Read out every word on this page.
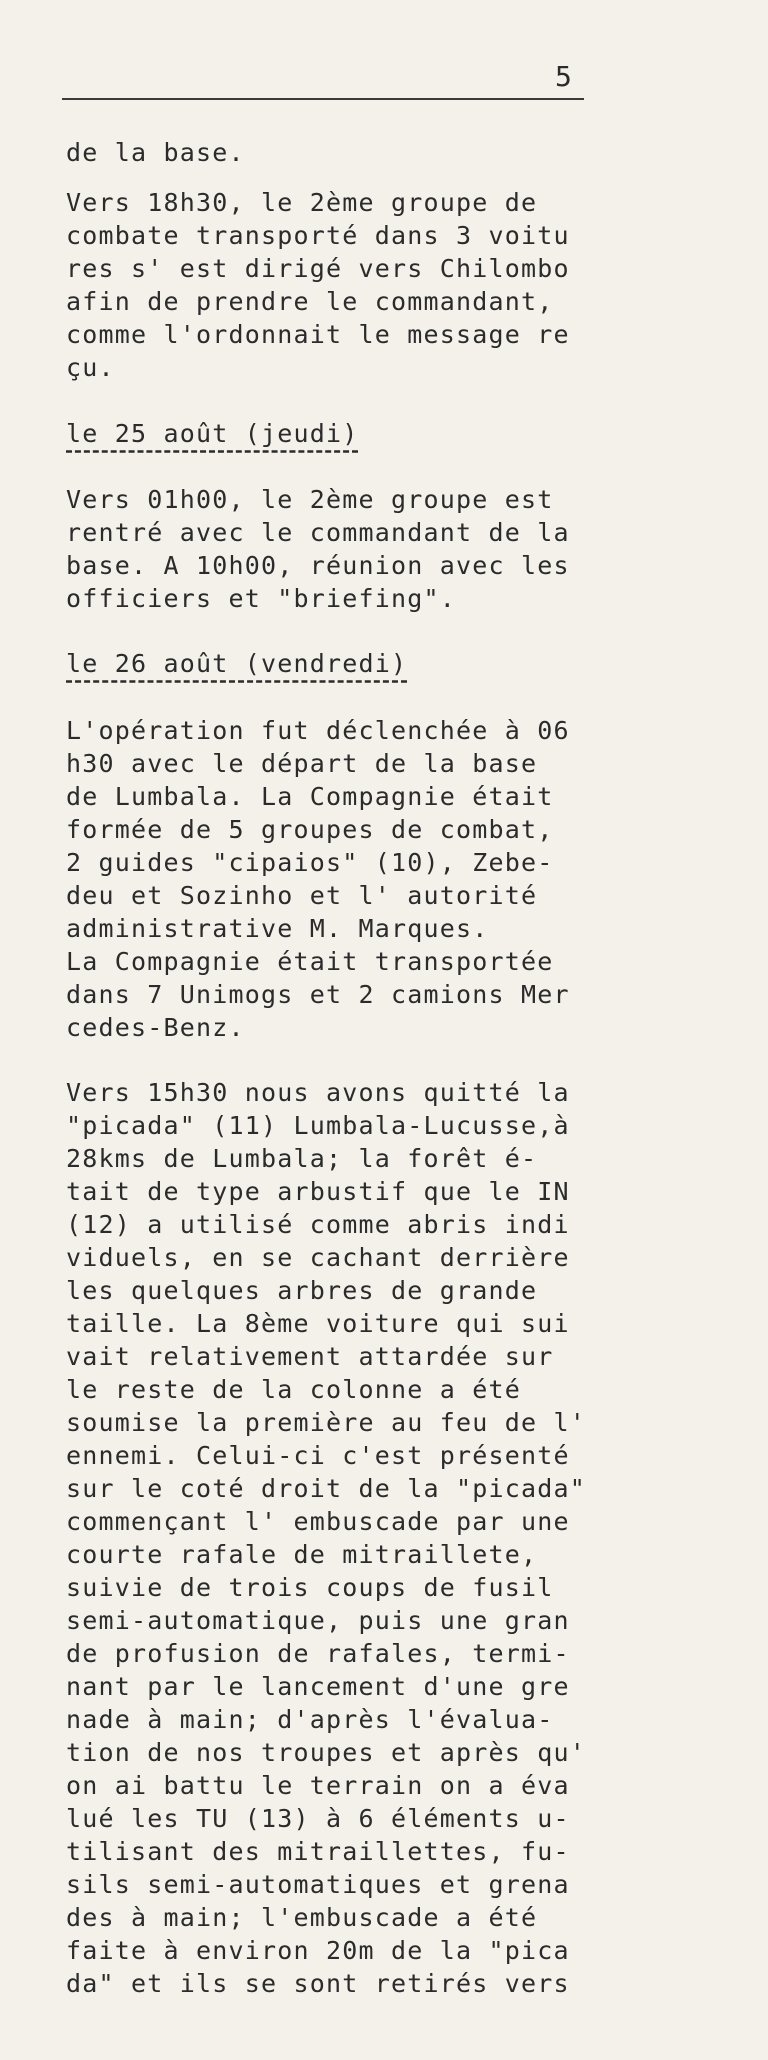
5
de la base.
Vers 18h30, le 2ème groupe de
combate transporté dans 3 voitu
res s' est dirigé vers Chilombo
afin de prendre le commandant,
comme l'ordonnait le message re
çu.
le 25 août (jeudi)
Vers 01h00, le 2ème groupe est
rentré avec le commandant de la
base. A 10h00, réunion avec les
officiers et "briefing".
le 26 août (vendredi)
L'opération fut déclenchée à 06
h30 avec le départ de la base
de Lumbala. La Compagnie était
formée de 5 groupes de combat,
2 guides "cipaios" (10), Zebe-
deu et Sozinho et l' autorité
administrative M. Marques.
La Compagnie était transportée
dans 7 Unimogs et 2 camions Mer
cedes-Benz.
Vers 15h30 nous avons quitté la
"picada" (11) Lumbala-Lucusse,à
28kms de Lumbala; la forêt é-
tait de type arbustif que le IN
(12) a utilisé comme abris indi
viduels, en se cachant derrière
les quelques arbres de grande
taille. La 8ème voiture qui sui
vait relativement attardée sur
le reste de la colonne a été
soumise la première au feu de l'
ennemi. Celui-ci c'est présenté
sur le coté droit de la "picada"
commençant l' embuscade par une
courte rafale de mitraillete,
suivie de trois coups de fusil
semi-automatique, puis une gran
de profusion de rafales, termi-
nant par le lancement d'une gre
nade à main; d'après l'évalua-
tion de nos troupes et après qu'
on ai battu le terrain on a éva
lué les TU (13) à 6 éléments u-
tilisant des mitraillettes, fu-
sils semi-automatiques et grena
des à main; l'embuscade a été
faite à environ 20m de la "pica
da" et ils se sont retirés vers
